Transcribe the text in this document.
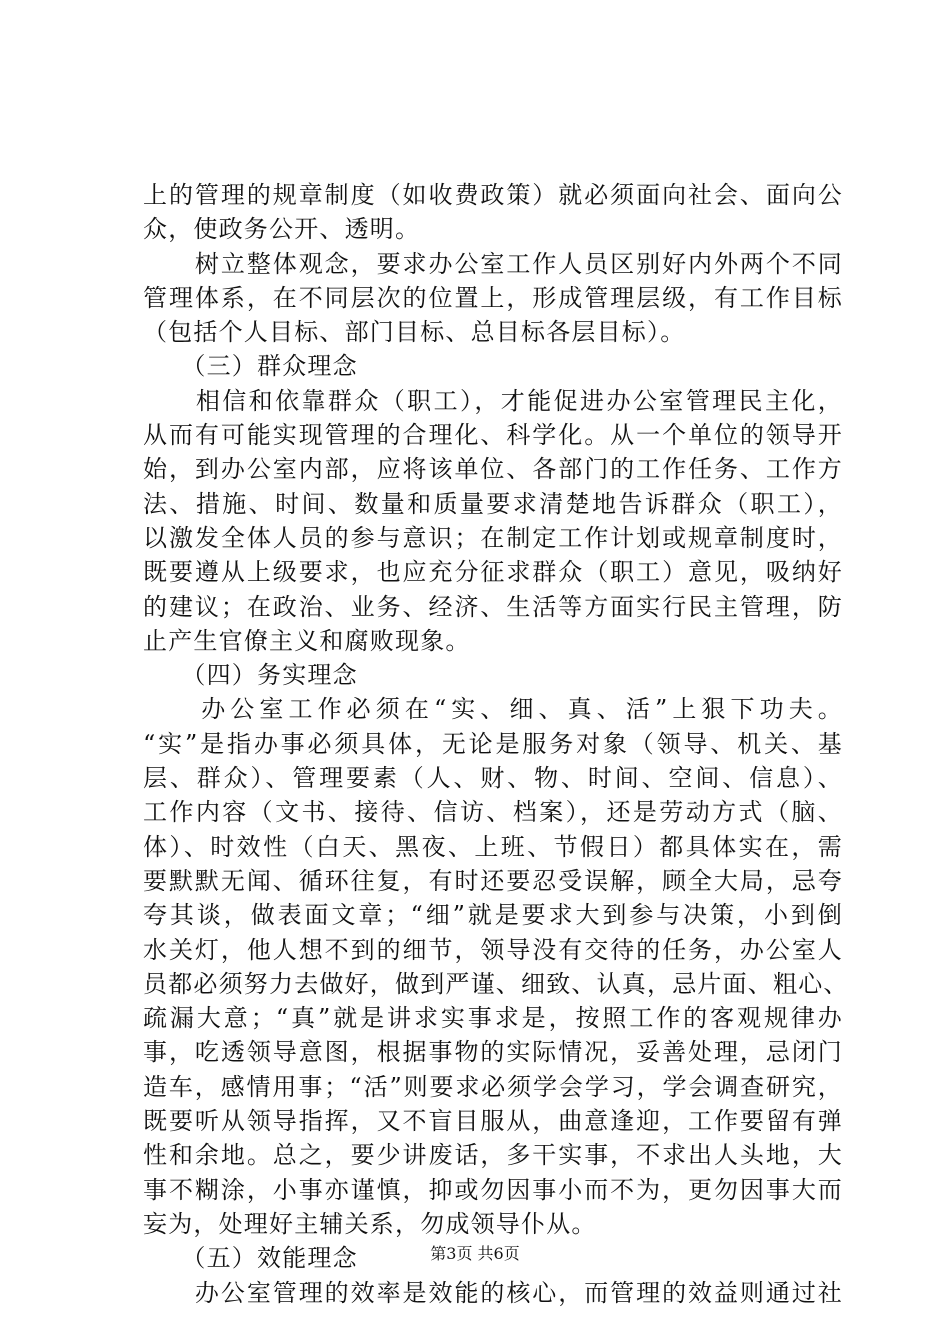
上的管理的规章制度（如收费政策）就必须面向社会、面向公
众，使政务公开、透明。
　　树立整体观念，要求办公室工作人员区别好内外两个不同
管理体系，在不同层次的位置上，形成管理层级，有工作目标
（包括个人目标、部门目标、总目标各层目标）。
　　（三）群众理念
　　相信和依靠群众（职工），才能促进办公室管理民主化，
从而有可能实现管理的合理化、科学化。从一个单位的领导开
始，到办公室内部，应将该单位、各部门的工作任务、工作方
法、措施、时间、数量和质量要求清楚地告诉群众（职工），
以激发全体人员的参与意识；在制定工作计划或规章制度时，
既要遵从上级要求，也应充分征求群众（职工）意见，吸纳好
的建议；在政治、业务、经济、生活等方面实行民主管理，防
止产生官僚主义和腐败现象。
　　（四）务实理念
　　办公室工作必须在“实、细、真、活”上狠下功夫。
“实”是指办事必须具体，无论是服务对象（领导、机关、基
层、群众）、管理要素（人、财、物、时间、空间、信息）、
工作内容（文书、接待、信访、档案），还是劳动方式（脑、
体）、时效性（白天、黑夜、上班、节假日）都具体实在，需
要默默无闻、循环往复，有时还要忍受误解，顾全大局，忌夸
夸其谈，做表面文章；“细”就是要求大到参与决策，小到倒
水关灯，他人想不到的细节，领导没有交待的任务，办公室人
员都必须努力去做好，做到严谨、细致、认真，忌片面、粗心、
疏漏大意；“真”就是讲求实事求是，按照工作的客观规律办
事，吃透领导意图，根据事物的实际情况，妥善处理，忌闭门
造车，感情用事；“活”则要求必须学会学习，学会调查研究，
既要听从领导指挥，又不盲目服从，曲意逢迎，工作要留有弹
性和余地。总之，要少讲废话，多干实事，不求出人头地，大
事不糊涂，小事亦谨慎，抑或勿因事小而不为，更勿因事大而
妄为，处理好主辅关系，勿成领导仆从。
　　（五）效能理念
　　办公室管理的效率是效能的核心，而管理的效益则通过社
第3页 共6页
